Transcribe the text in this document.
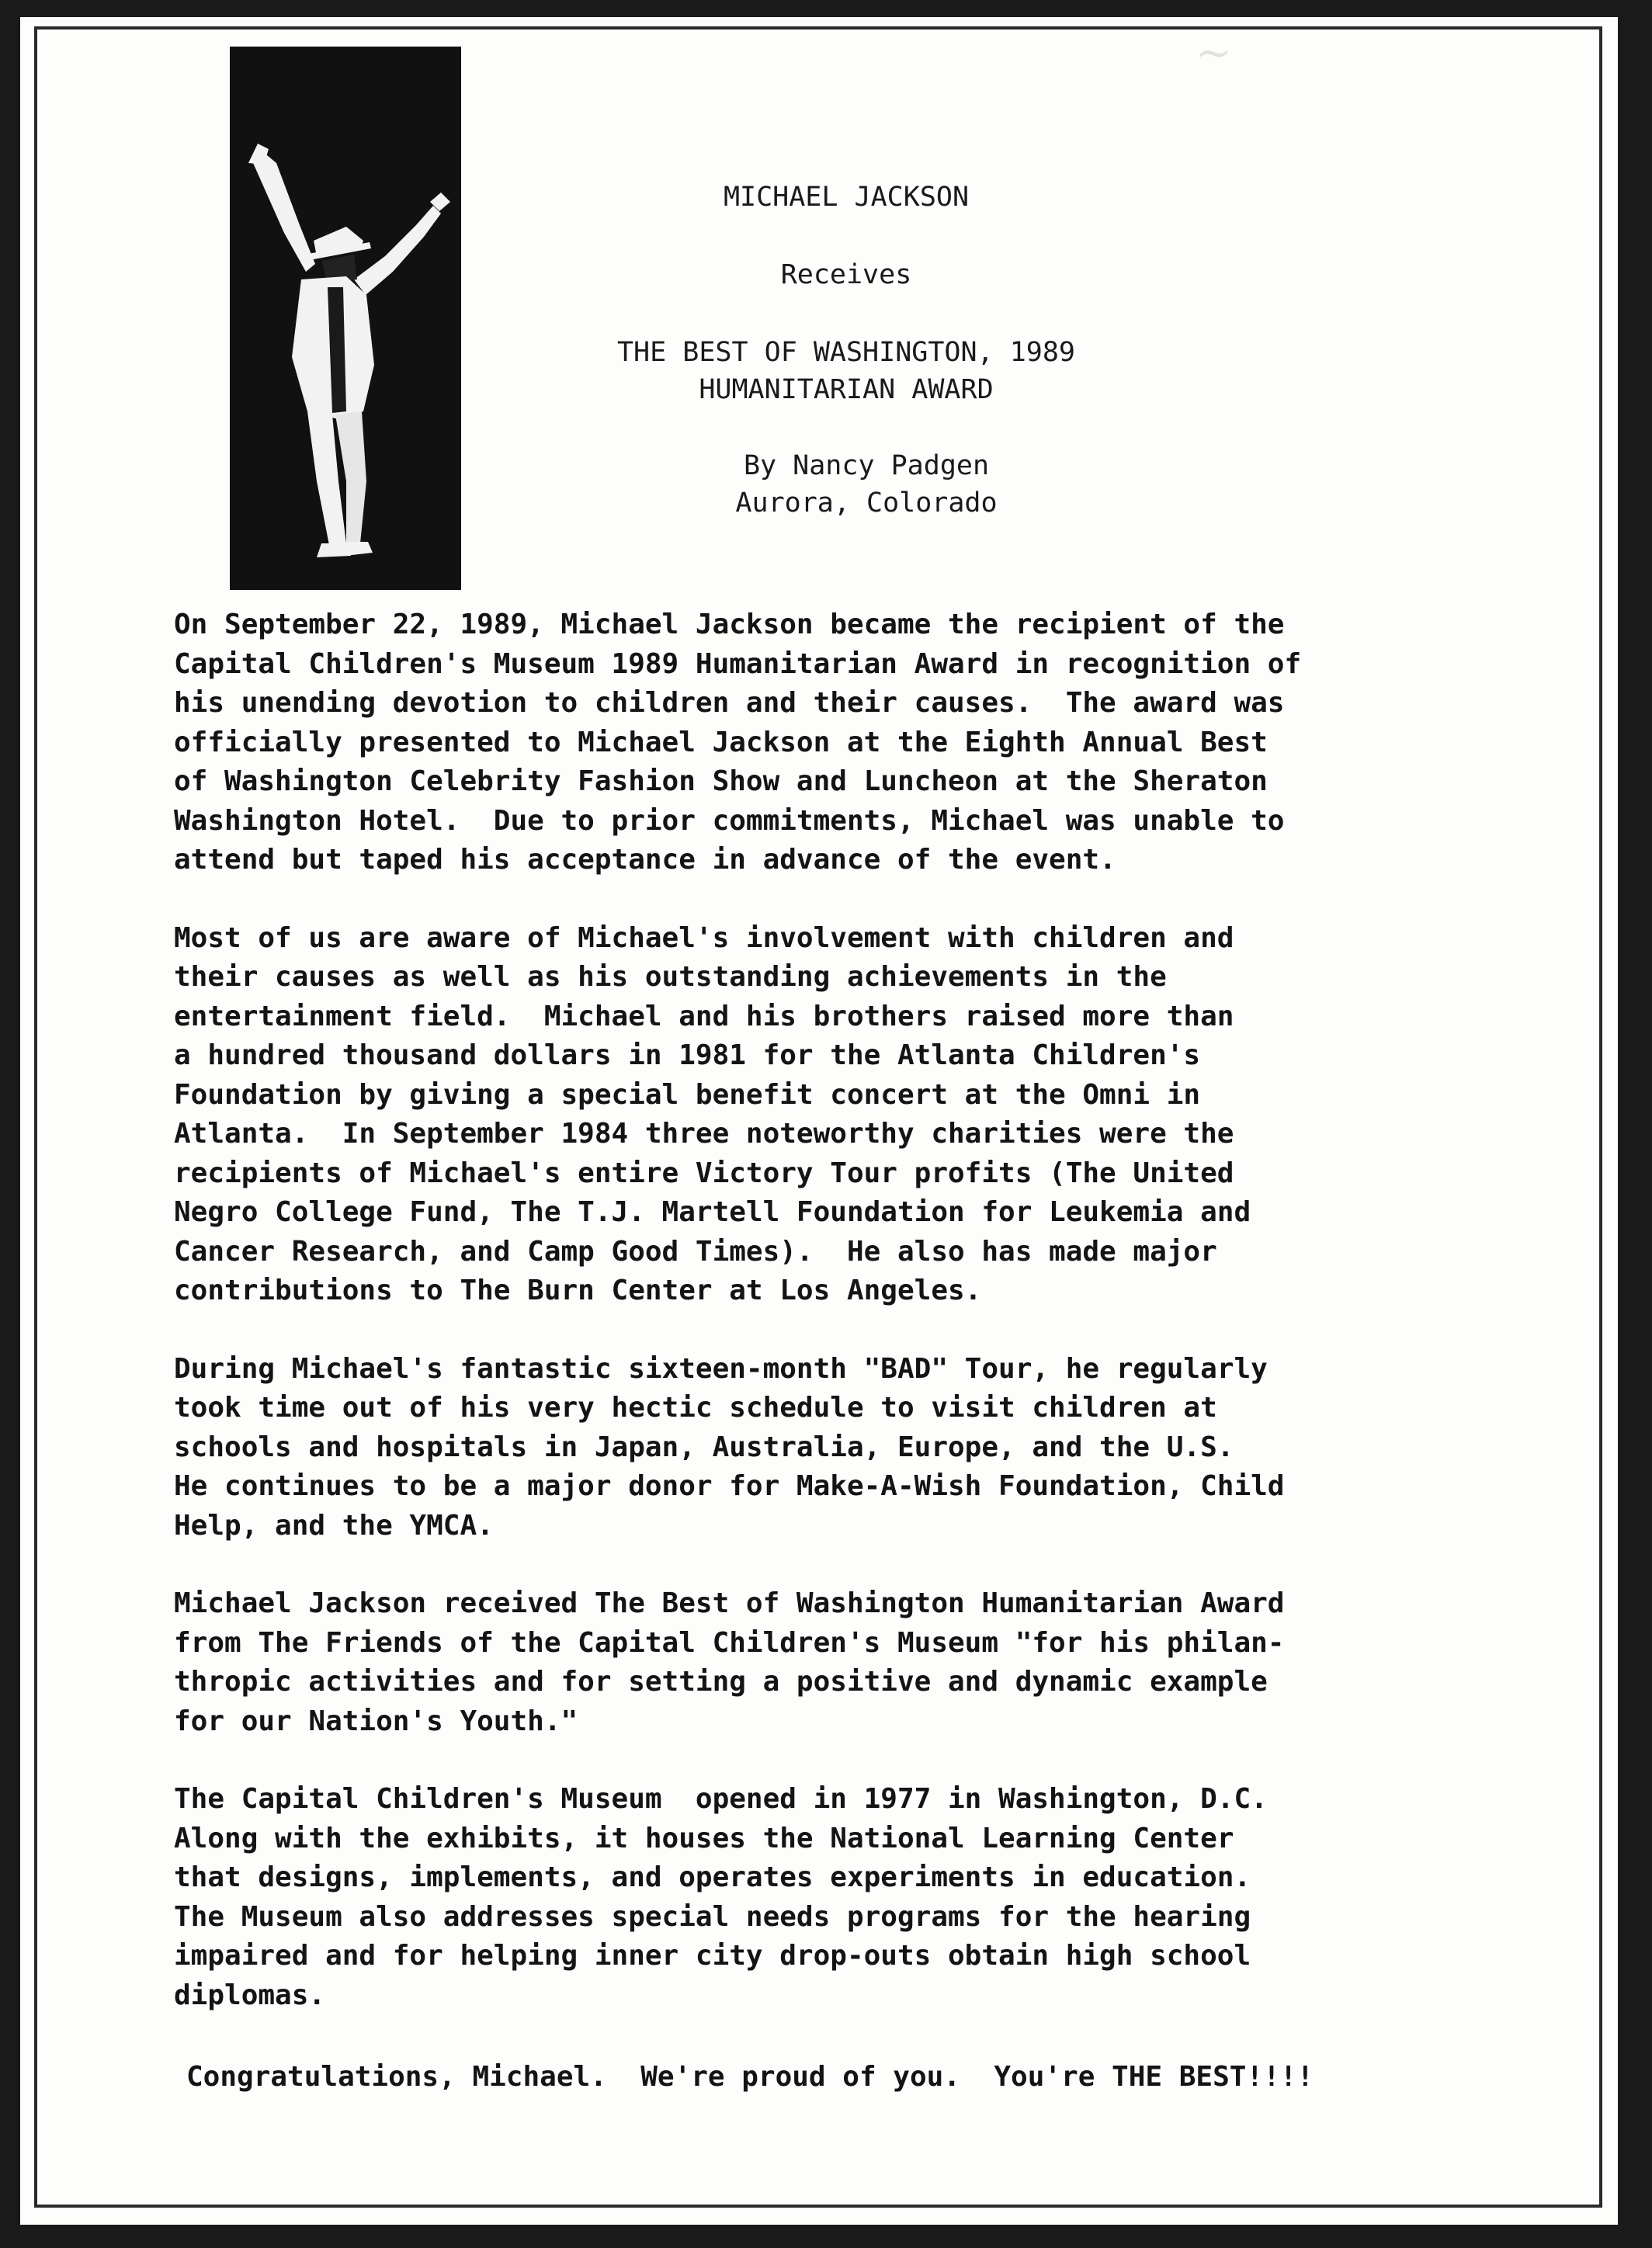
~
MICHAEL JACKSON
Receives
THE BEST OF WASHINGTON, 1989
HUMANITARIAN AWARD
By Nancy Padgen
Aurora, Colorado
On September 22, 1989, Michael Jackson became the recipient of the
Capital Children's Museum 1989 Humanitarian Award in recognition of
his unending devotion to children and their causes.  The award was
officially presented to Michael Jackson at the Eighth Annual Best
of Washington Celebrity Fashion Show and Luncheon at the Sheraton
Washington Hotel.  Due to prior commitments, Michael was unable to
attend but taped his acceptance in advance of the event.
Most of us are aware of Michael's involvement with children and
their causes as well as his outstanding achievements in the
entertainment field.  Michael and his brothers raised more than
a hundred thousand dollars in 1981 for the Atlanta Children's
Foundation by giving a special benefit concert at the Omni in
Atlanta.  In September 1984 three noteworthy charities were the
recipients of Michael's entire Victory Tour profits (The United
Negro College Fund, The T.J. Martell Foundation for Leukemia and
Cancer Research, and Camp Good Times).  He also has made major
contributions to The Burn Center at Los Angeles.
During Michael's fantastic sixteen-month "BAD" Tour, he regularly
took time out of his very hectic schedule to visit children at
schools and hospitals in Japan, Australia, Europe, and the U.S.
He continues to be a major donor for Make-A-Wish Foundation, Child
Help, and the YMCA.
Michael Jackson received The Best of Washington Humanitarian Award
from The Friends of the Capital Children's Museum "for his philan-
thropic activities and for setting a positive and dynamic example
for our Nation's Youth."
The Capital Children's Museum  opened in 1977 in Washington, D.C.
Along with the exhibits, it houses the National Learning Center
that designs, implements, and operates experiments in education.
The Museum also addresses special needs programs for the hearing
impaired and for helping inner city drop-outs obtain high school
diplomas.
Congratulations, Michael.  We're proud of you.  You're THE BEST!!!!
